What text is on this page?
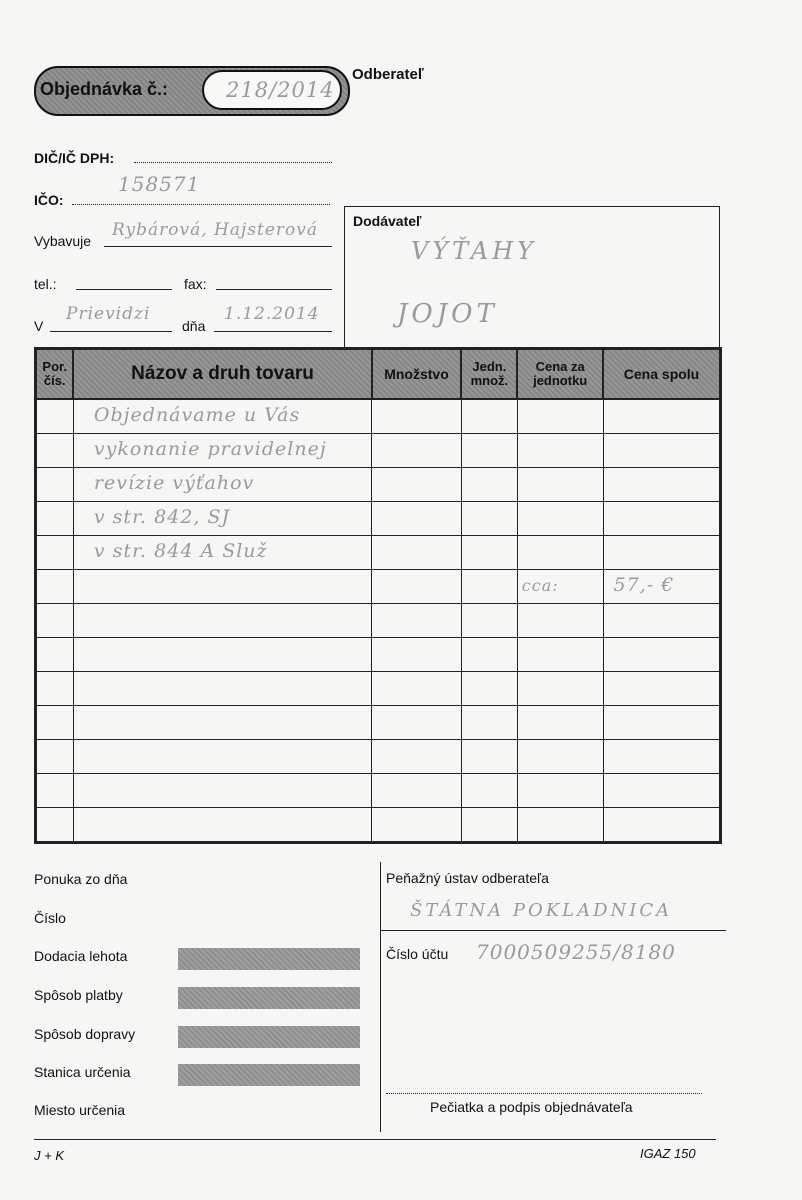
Objednávka č.:	218/2014
Odberateľ
DIČ/IČ DPH:
IČO:
158571
Vybavuje
Rybárová, Hajsterová
tel.:	fax:
V
Prievidzi
dňa
1.12.2014
Dodávateľ
VÝŤAHY
JOJOT
Por. čís.	Názov a druh tovaru	Množstvo	Jedn. množ.	Cena za jednotku	Cena spolu

	Objednávame u Vás				

	vykonanie pravidelnej				

	revízie výťahov				

	v str. 842, SJ				

	v str. 844 A Služ				

				cca:	57,- €

Ponuka zo dňa
Číslo
Dodacia lehota
Spôsob platby
Spôsob dopravy
Stanica určenia
Miesto určenia
Peňažný ústav odberateľa
ŠTÁTNA POKLADNICA
Číslo účtu 7000509255/8180
Pečiatka a podpis objednávateľa
J + K	IGAZ 150
